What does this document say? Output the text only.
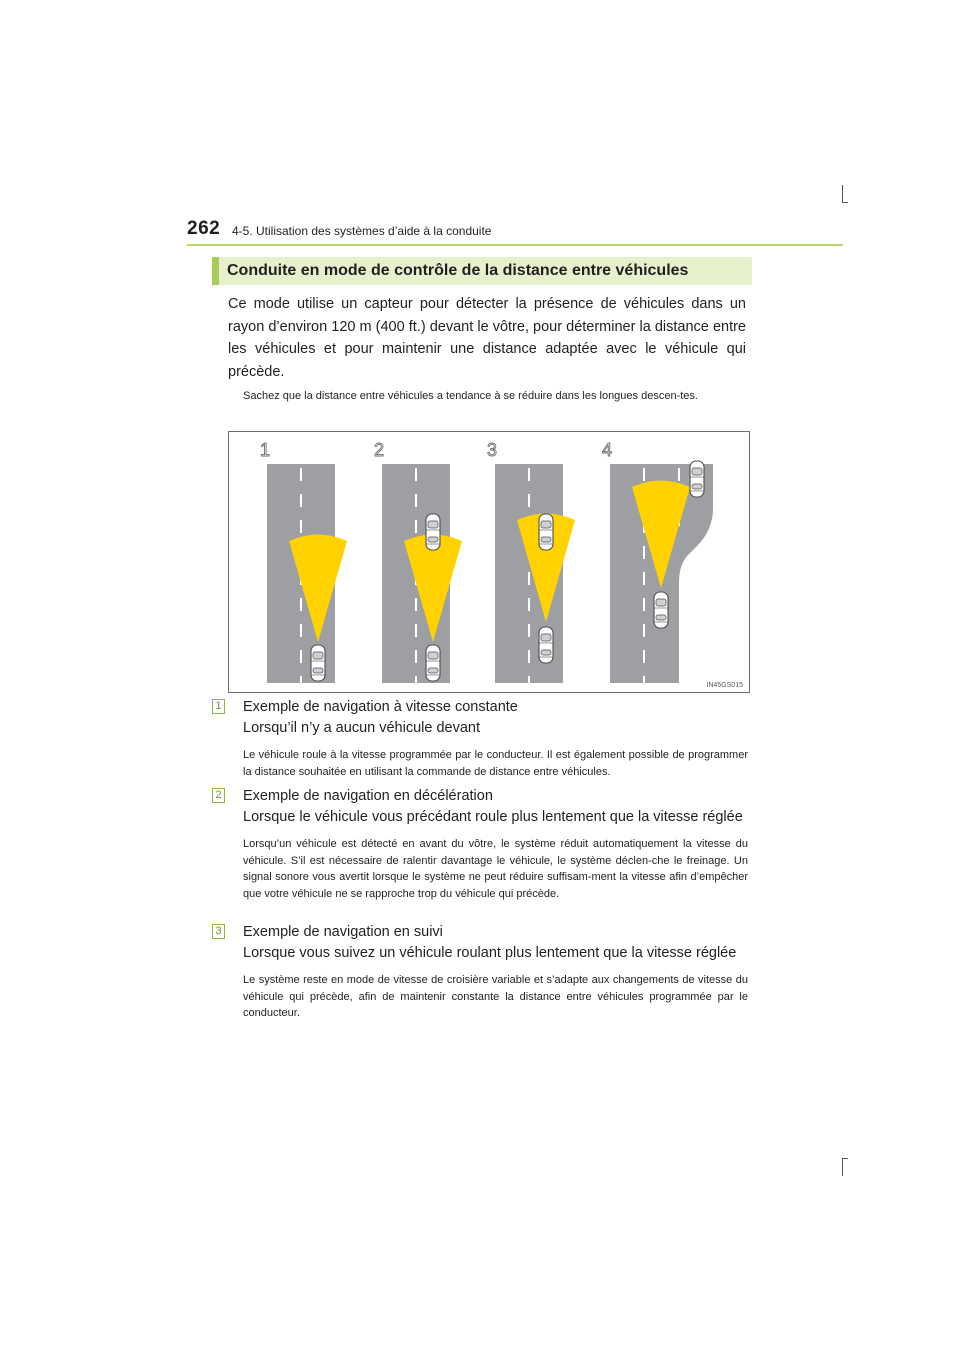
262 4-5. Utilisation des systèmes d’aide à la conduite
Conduite en mode de contrôle de la distance entre véhicules

Ce mode utilise un capteur pour détecter la présence de véhicules dans un rayon d’environ 120 m (400 ft.) devant le vôtre, pour déterminer la distance entre les véhicules et pour maintenir une distance adaptée avec le véhicule qui précède.

Sachez que la distance entre véhicules a tendance à se réduire dans les longues descen-tes.

1	2	3	4
IN45GS015
1 Exemple de navigation à vitesse constante

Lorsqu’il n’y a aucun véhicule devant

Le véhicule roule à la vitesse programmée par le conducteur. Il est également possible de programmer la distance souhaitée en utilisant la commande de distance entre véhicules.

2 Exemple de navigation en décélération

Lorsque le véhicule vous précédant roule plus lentement que la vitesse réglée

Lorsqu’un véhicule est détecté en avant du vôtre, le système réduit automatiquement la vitesse du véhicule. S’il est nécessaire de ralentir davantage le véhicule, le système déclen-che le freinage. Un signal sonore vous avertit lorsque le système ne peut réduire suffisam-ment la vitesse afin d’empêcher que votre véhicule ne se rapproche trop du véhicule qui précède.

3 Exemple de navigation en suivi

Lorsque vous suivez un véhicule roulant plus lentement que la vitesse réglée

Le système reste en mode de vitesse de croisière variable et s’adapte aux changements de vitesse du véhicule qui précède, afin de maintenir constante la distance entre véhicules programmée par le conducteur.
